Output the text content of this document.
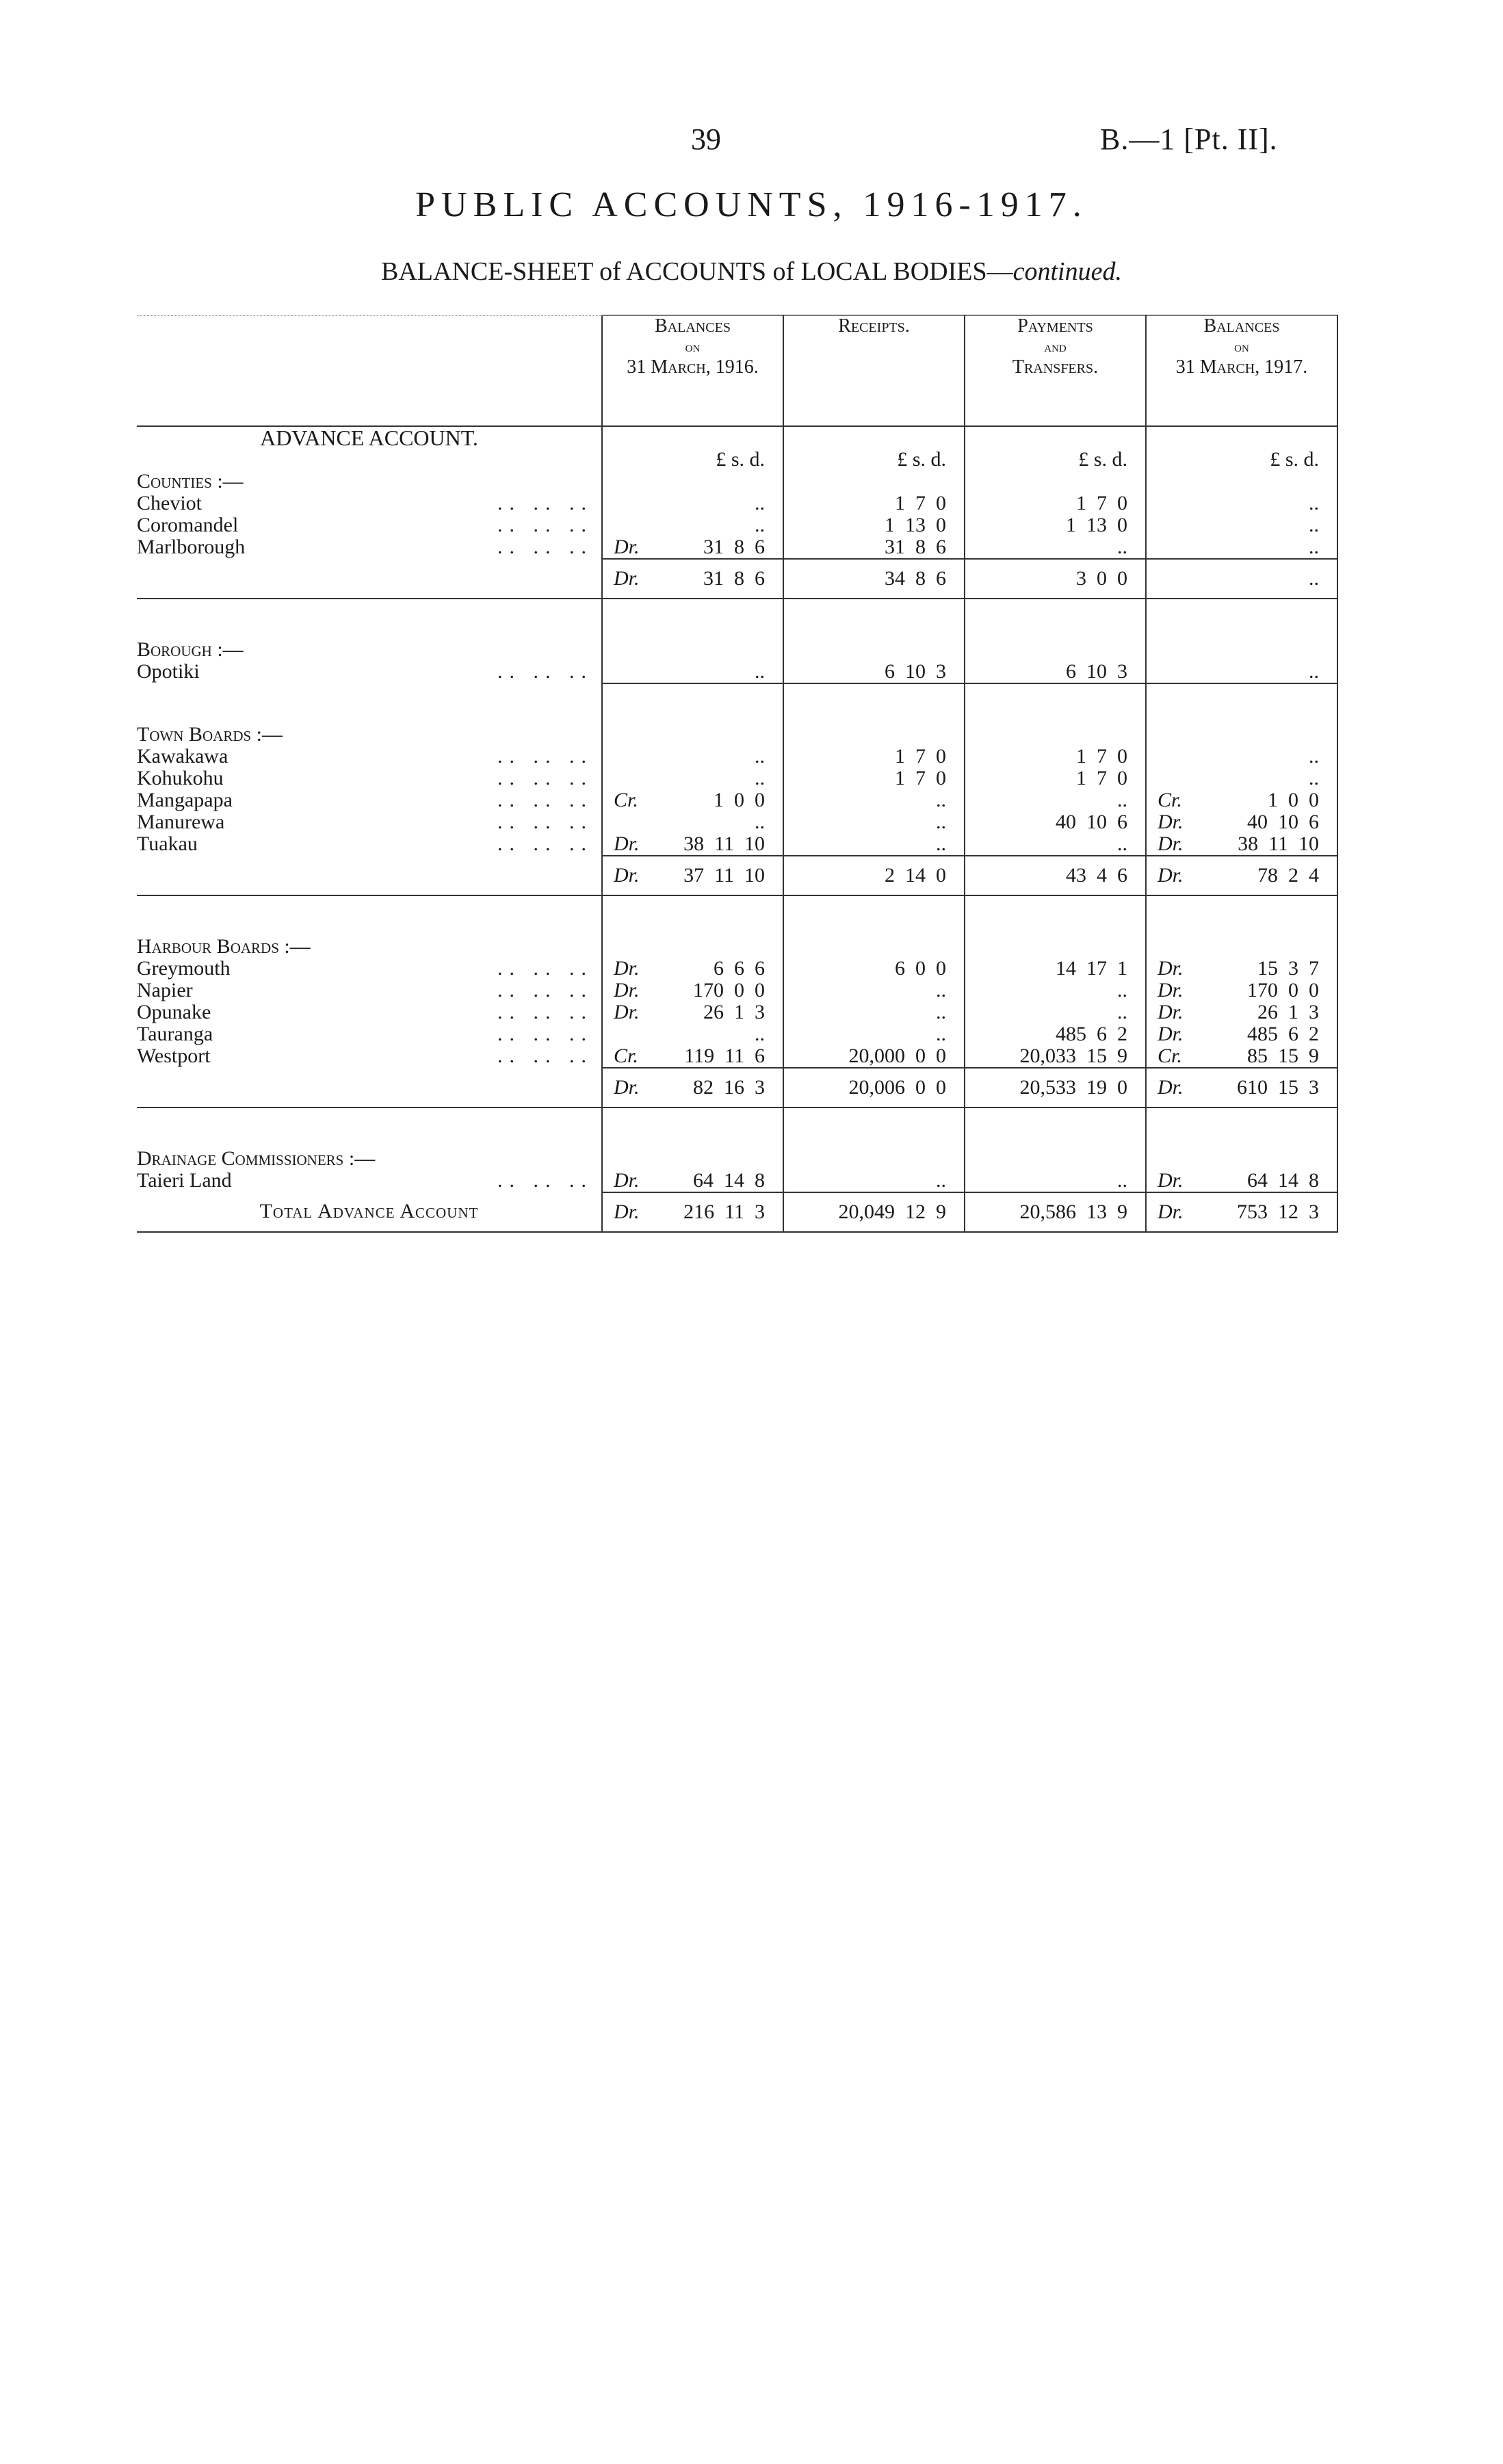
39	B.—1 [Pt. II].
PUBLIC ACCOUNTS, 1916-1917.
BALANCE-SHEET of ACCOUNTS of LOCAL BODIES—continued.

	Balances
on
31 March, 1916.	Receipts.	Payments
and
Transfers.	Balances
on
31 March, 1917.

ADVANCE ACCOUNT.				
	£ s. d.	£ s. d.	£ s. d.	£ s. d.
Counties :—				
Cheviot .. .. ..	..	1  7  0	1  7  0	..
Coromandel .. .. ..	..	1  13  0	1  13  0	..
Marlborough .. .. ..	Dr. 31  8  6	31  8  6	..	..

	Dr. 31  8  6	34  8  6	3  0  0	..

Borough :—				
Opotiki .. .. ..	..	6  10  3	6  10  3	..

Town Boards :—				
Kawakawa .. .. ..	..	1  7  0	1  7  0	..
Kohukohu .. .. ..	..	1  7  0	1  7  0	..
Mangapapa .. .. ..	Cr. 1  0  0	..	..	Cr. 1  0  0
Manurewa .. .. ..	..	..	40  10  6	Dr. 40  10  6
Tuakau .. .. ..	Dr. 38  11  10	..	..	Dr. 38  11  10

	Dr. 37  11  10	2  14  0	43  4  6	Dr. 78  2  4

Harbour Boards :—				
Greymouth .. .. ..	Dr. 6  6  6	6  0  0	14  17  1	Dr. 15  3  7
Napier .. .. ..	Dr. 170  0  0	..	..	Dr. 170  0  0
Opunake .. .. ..	Dr. 26  1  3	..	..	Dr. 26  1  3
Tauranga .. .. ..	..	..	485  6  2	Dr. 485  6  2
Westport .. .. ..	Cr. 119  11  6	20,000  0  0	20,033  15  9	Cr. 85  15  9

	Dr. 82  16  3	20,006  0  0	20,533  19  0	Dr. 610  15  3

Drainage Commissioners :—				
Taieri Land .. .. ..	Dr. 64  14  8	..	..	Dr. 64  14  8
Total Advance Account	Dr. 216  11  3	20,049  12  9	20,586  13  9	Dr. 753  12  3
